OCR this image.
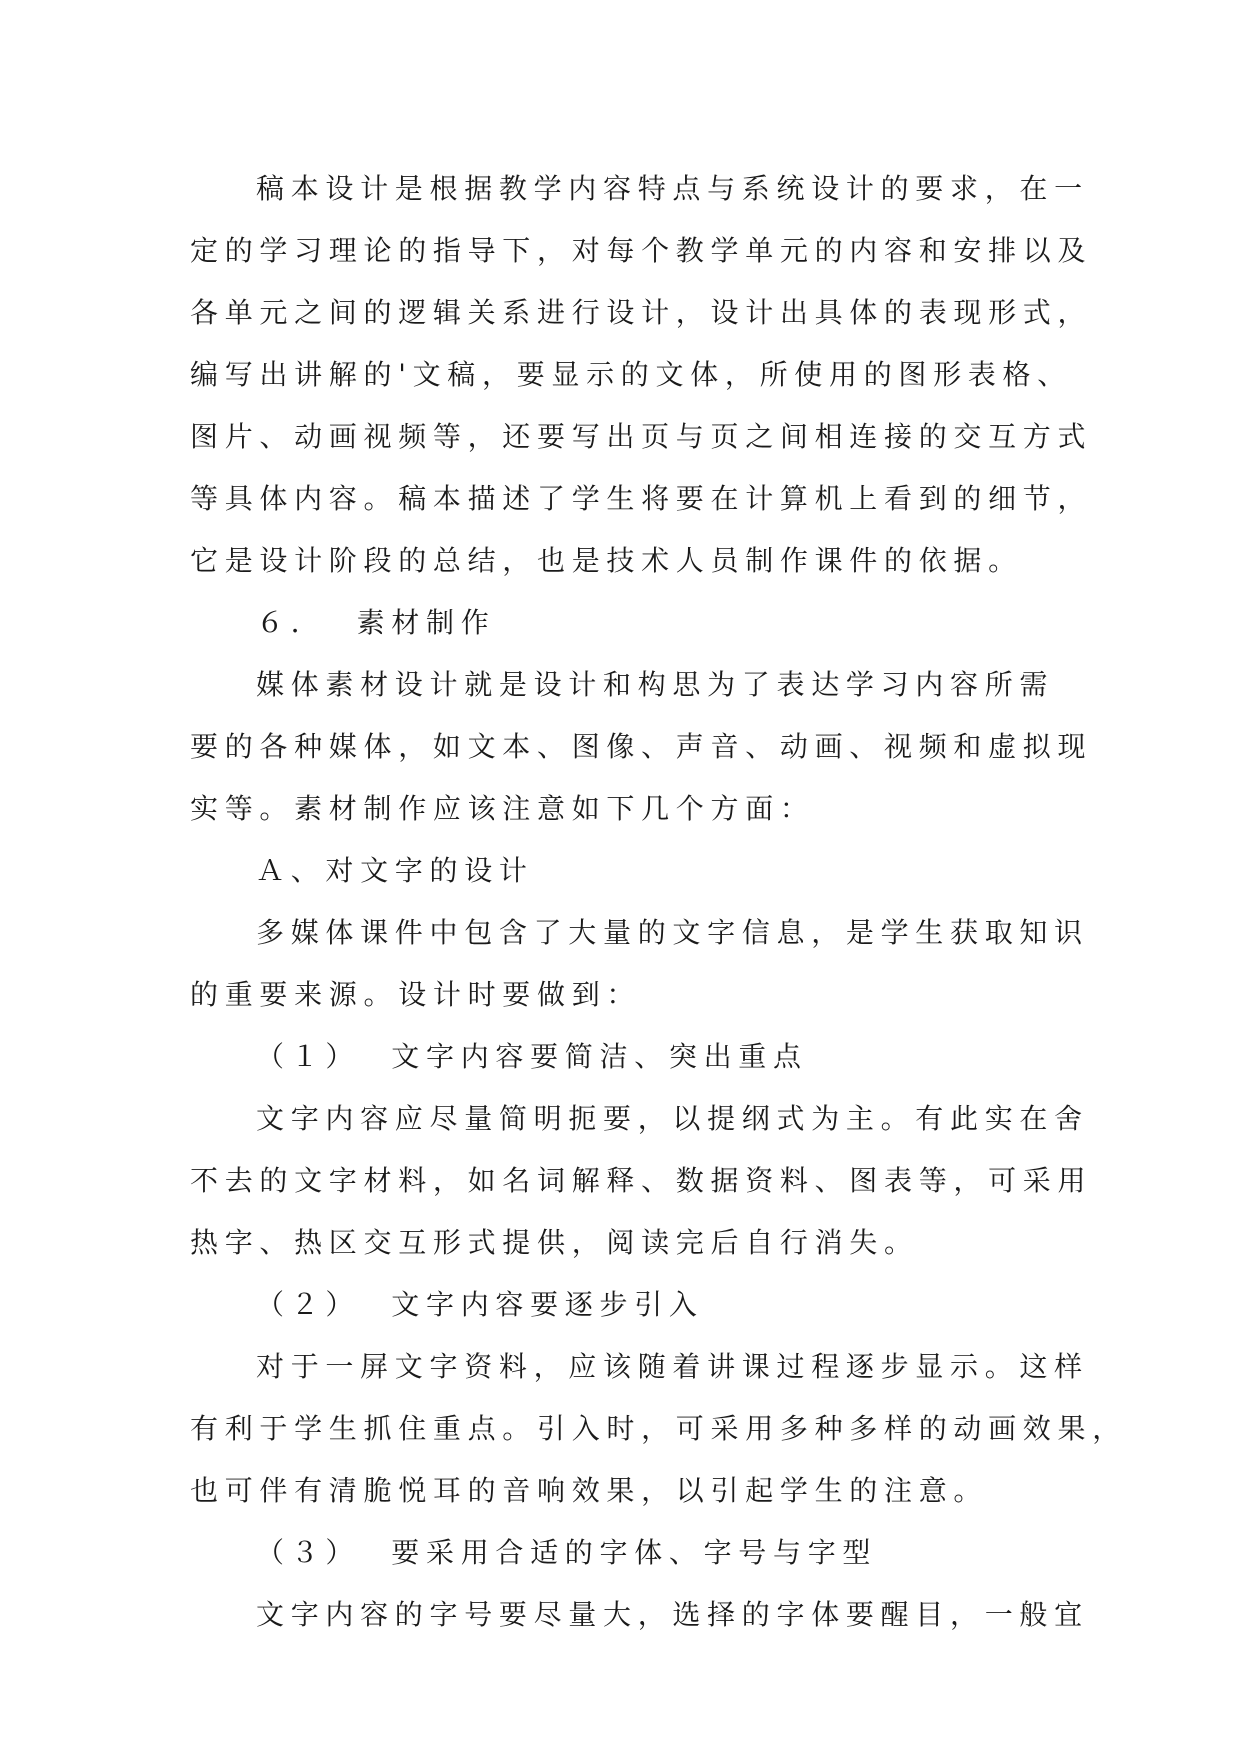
稿本设计是根据教学内容特点与系统设计的要求，在一

定的学习理论的指导下，对每个教学单元的内容和安排以及

各单元之间的逻辑关系进行设计，设计出具体的表现形式，

编写出讲解的'文稿，要显示的文体，所使用的图形表格、

图片、动画视频等，还要写出页与页之间相连接的交互方式

等具体内容。稿本描述了学生将要在计算机上看到的细节，

它是设计阶段的总结，也是技术人员制作课件的依据。

６．  素材制作

媒体素材设计就是设计和构思为了表达学习内容所需

要的各种媒体，如文本、图像、声音、动画、视频和虚拟现

实等。素材制作应该注意如下几个方面：

Ａ、对文字的设计

多媒体课件中包含了大量的文字信息，是学生获取知识

的重要来源。设计时要做到：

（１）  文字内容要简洁、突出重点

文字内容应尽量简明扼要，以提纲式为主。有此实在舍

不去的文字材料，如名词解释、数据资料、图表等，可采用

热字、热区交互形式提供，阅读完后自行消失。

（２）  文字内容要逐步引入

对于一屏文字资料，应该随着讲课过程逐步显示。这样

有利于学生抓住重点。引入时，可采用多种多样的动画效果，

也可伴有清脆悦耳的音响效果，以引起学生的注意。

（３）  要采用合适的字体、字号与字型

文字内容的字号要尽量大，选择的字体要醒目，一般宜
